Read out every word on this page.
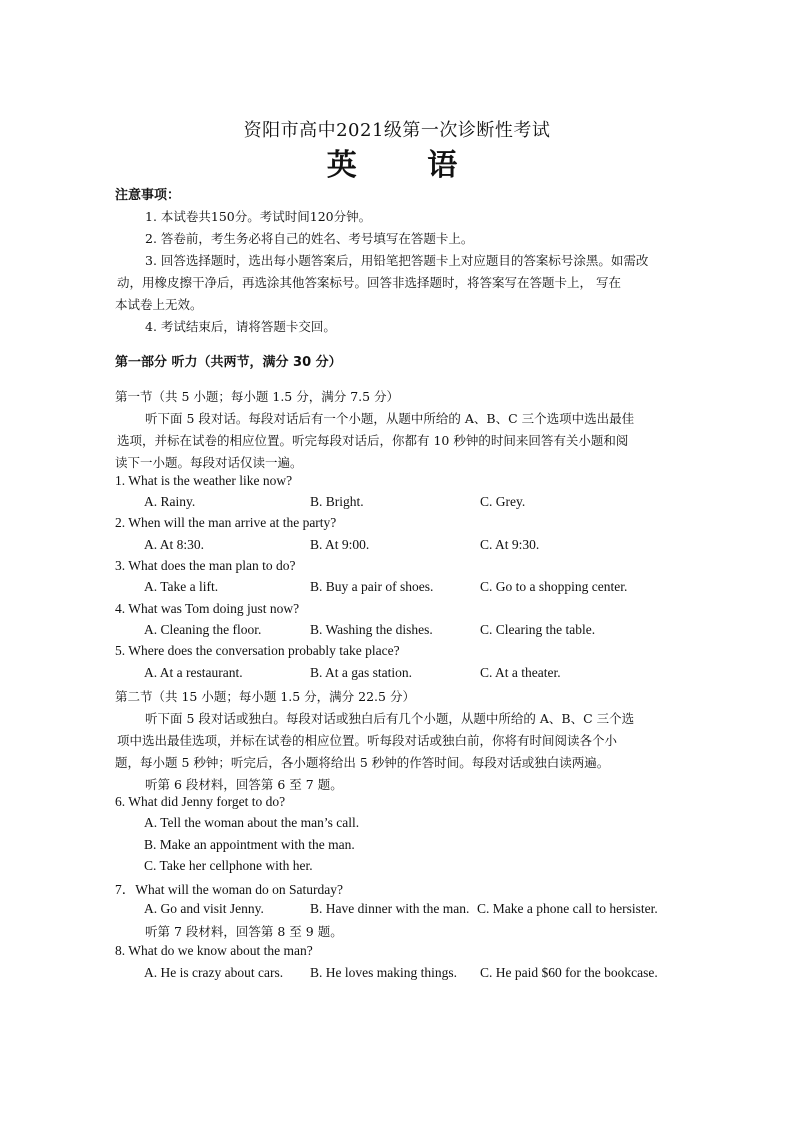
资阳市高中2021级第一次诊断性考试
英 语
注意事项：
1. 本试卷共150分。考试时间120分钟。
2. 答卷前，考生务必将自己的姓名、考号填写在答题卡上。
3. 回答选择题时，选出每小题答案后，用铅笔把答题卡上对应题目的答案标号涂黑。如需改
动，用橡皮擦干净后，再选涂其他答案标号。回答非选择题时，将答案写在答题卡上， 写在
本试卷上无效。
4. 考试结束后，请将答题卡交回。
第一部分 听力（共两节，满分 30 分）
第一节（共 5 小题；每小题 1.5 分，满分 7.5 分）
听下面 5 段对话。每段对话后有一个小题，从题中所给的 A、B、C 三个选项中选出最佳
选项，并标在试卷的相应位置。听完每段对话后，你都有 10 秒钟的时间来回答有关小题和阅
读下一小题。每段对话仅读一遍。
1. What is the weather like now?
A. Rainy.	B. Bright.	C. Grey.
2. When will the man arrive at the party?
A. At 8:30.	B. At 9:00.	C. At 9:30.
3. What does the man plan to do?
A. Take a lift.	B. Buy a pair of shoes.	C. Go to a shopping center.
4. What was Tom doing just now?
A. Cleaning the floor.	B. Washing the dishes.	C. Clearing the table.
5. Where does the conversation probably take place?
A. At a restaurant.	B. At a gas station.	C. At a theater.
第二节（共 15 小题；每小题 1.5 分，满分 22.5 分）
听下面 5 段对话或独白。每段对话或独白后有几个小题，从题中所给的 A、B、C 三个选
项中选出最佳选项，并标在试卷的相应位置。听每段对话或独白前，你将有时间阅读各个小
题，每小题 5 秒钟；听完后，各小题将给出 5 秒钟的作答时间。每段对话或独白读两遍。
听第 6 段材料，回答第 6 至 7 题。
6. What did Jenny forget to do?
A. Tell the woman about the man’s call.
B. Make an appointment with the man.
C. Take her cellphone with her.
7．What will the woman do on Saturday?
A. Go and visit Jenny.	B. Have dinner with the man. C. Make a phone call to hersister.
听第 7 段材料，回答第 8 至 9 题。
8. What do we know about the man?
A. He is crazy about cars. B. He loves making things. C. He paid $60 for the bookcase.
